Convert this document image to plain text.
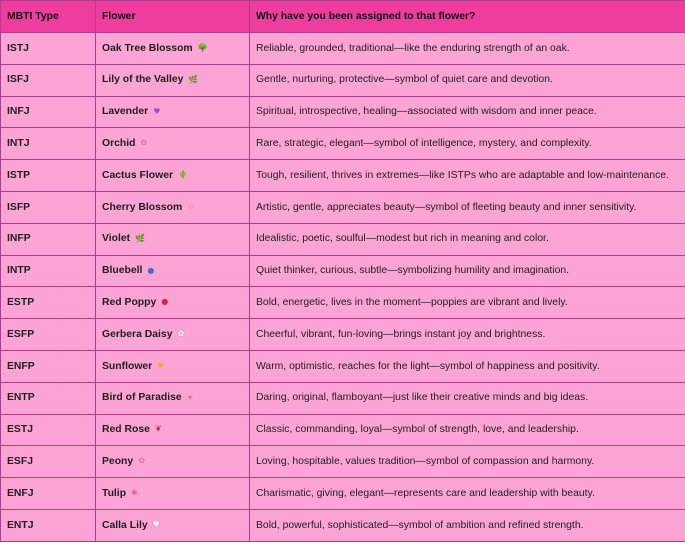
MBTI Type	Flower	Why have you been assigned to that flower?
ISTJ	Oak Tree Blossom 🌳	Reliable, grounded, traditional—like the enduring strength of an oak.
ISFJ	Lily of the Valley 🌿	Gentle, nurturing, protective—symbol of quiet care and devotion.
INFJ	Lavender ♥	Spiritual, introspective, healing—associated with wisdom and inner peace.
INTJ	Orchid ✿	Rare, strategic, elegant—symbol of intelligence, mystery, and complexity.
ISTP	Cactus Flower 🌵	Tough, resilient, thrives in extremes—like ISTPs who are adaptable and low-maintenance.
ISFP	Cherry Blossom ✿	Artistic, gentle, appreciates beauty—symbol of fleeting beauty and inner sensitivity.
INFP	Violet 🌿	Idealistic, poetic, soulful—modest but rich in meaning and color.
INTP	Bluebell ●	Quiet thinker, curious, subtle—symbolizing humility and imagination.
ESTP	Red Poppy ●	Bold, energetic, lives in the moment—poppies are vibrant and lively.
ESFP	Gerbera Daisy ✿	Cheerful, vibrant, fun-loving—brings instant joy and brightness.
ENFP	Sunflower ✺	Warm, optimistic, reaches for the light—symbol of happiness and positivity.
ENTP	Bird of Paradise ✦	Daring, original, flamboyant—just like their creative minds and big ideas.
ESTJ	Red Rose ❦	Classic, commanding, loyal—symbol of strength, love, and leadership.
ESFJ	Peony ✿	Loving, hospitable, values tradition—symbol of compassion and harmony.
ENFJ	Tulip ❀	Charismatic, giving, elegant—represents care and leadership with beauty.
ENTJ	Calla Lily ♥	Bold, powerful, sophisticated—symbol of ambition and refined strength.
